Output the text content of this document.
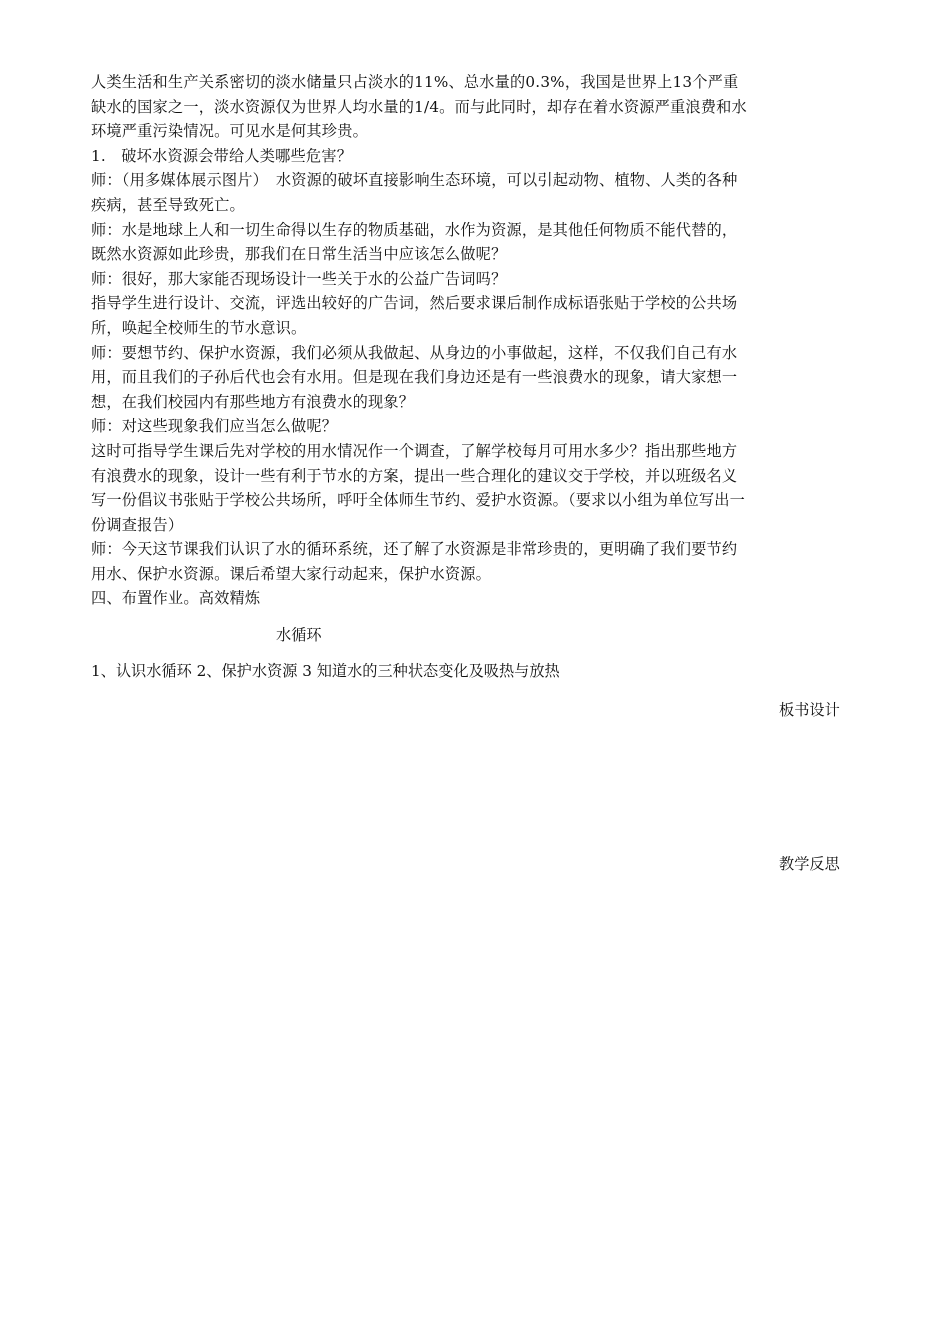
人类生活和生产关系密切的淡水储量只占淡水的11%、总水量的0.3%，我国是世界上13个严重缺水的国家之一，淡水资源仅为世界人均水量的1/4。而与此同时，却存在着水资源严重浪费和水环境严重污染情况。可见水是何其珍贵。

1.　破坏水资源会带给人类哪些危害？

师：（用多媒体展示图片）　水资源的破坏直接影响生态环境，可以引起动物、植物、人类的各种疾病，甚至导致死亡。

师：水是地球上人和一切生命得以生存的物质基础，水作为资源，是其他任何物质不能代替的，既然水资源如此珍贵，那我们在日常生活当中应该怎么做呢？

师：很好，那大家能否现场设计一些关于水的公益广告词吗？

指导学生进行设计、交流，评选出较好的广告词，然后要求课后制作成标语张贴于学校的公共场所，唤起全校师生的节水意识。

师：要想节约、保护水资源，我们必须从我做起、从身边的小事做起，这样，不仅我们自己有水用，而且我们的子孙后代也会有水用。但是现在我们身边还是有一些浪费水的现象，请大家想一想，在我们校园内有那些地方有浪费水的现象？

师：对这些现象我们应当怎么做呢？

这时可指导学生课后先对学校的用水情况作一个调查，了解学校每月可用水多少？指出那些地方有浪费水的现象，设计一些有利于节水的方案，提出一些合理化的建议交于学校，并以班级名义写一份倡议书张贴于学校公共场所，呼吁全体师生节约、爱护水资源。（要求以小组为单位写出一份调查报告）

师：今天这节课我们认识了水的循环系统，还了解了水资源是非常珍贵的，更明确了我们要节约用水、保护水资源。课后希望大家行动起来，保护水资源。

四、布置作业。高效精炼

水循环
1、认识水循环 2、保护水资源 3 知道水的三种状态变化及吸热与放热
板书设计
教学反思
